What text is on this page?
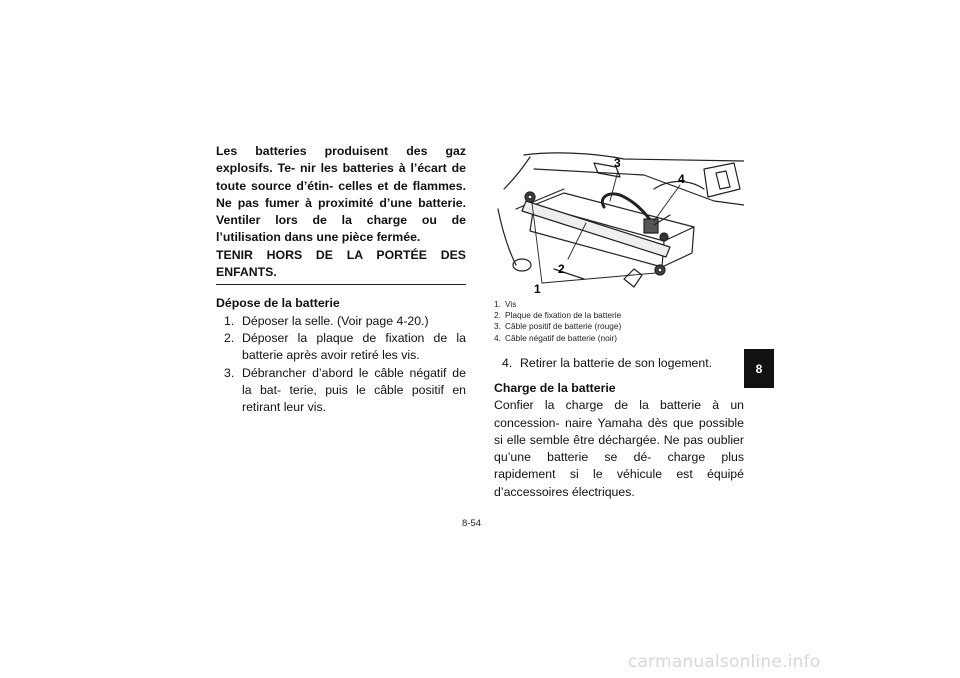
Les batteries produisent des gaz explosifs. Te- nir les batteries à l’écart de toute source d’étin- celles et de flammes. Ne pas fumer à proximité d’une batterie. Ventiler lors de la charge ou de l’utilisation dans une pièce fermée.

TENIR HORS DE LA PORTÉE DES ENFANTS.
Dépose de la batterie
1. Déposer la selle. (Voir page 4-20.)
2. Déposer la plaque de fixation de la batterie après avoir retiré les vis.
3. Débrancher d’abord le câble négatif de la bat- terie, puis le câble positif en retirant leur vis.
3
4
2
1
1. Vis
2. Plaque de fixation de la batterie
3. Câble positif de batterie (rouge)
4. Câble négatif de batterie (noir)
4. Retirer la batterie de son logement.
Charge de la batterie

Confier la charge de la batterie à un concession- naire Yamaha dès que possible si elle semble être déchargée. Ne pas oublier qu’une batterie se dé- charge plus rapidement si le véhicule est équipé d’accessoires électriques.

8
8-54
carmanualsonline.info
